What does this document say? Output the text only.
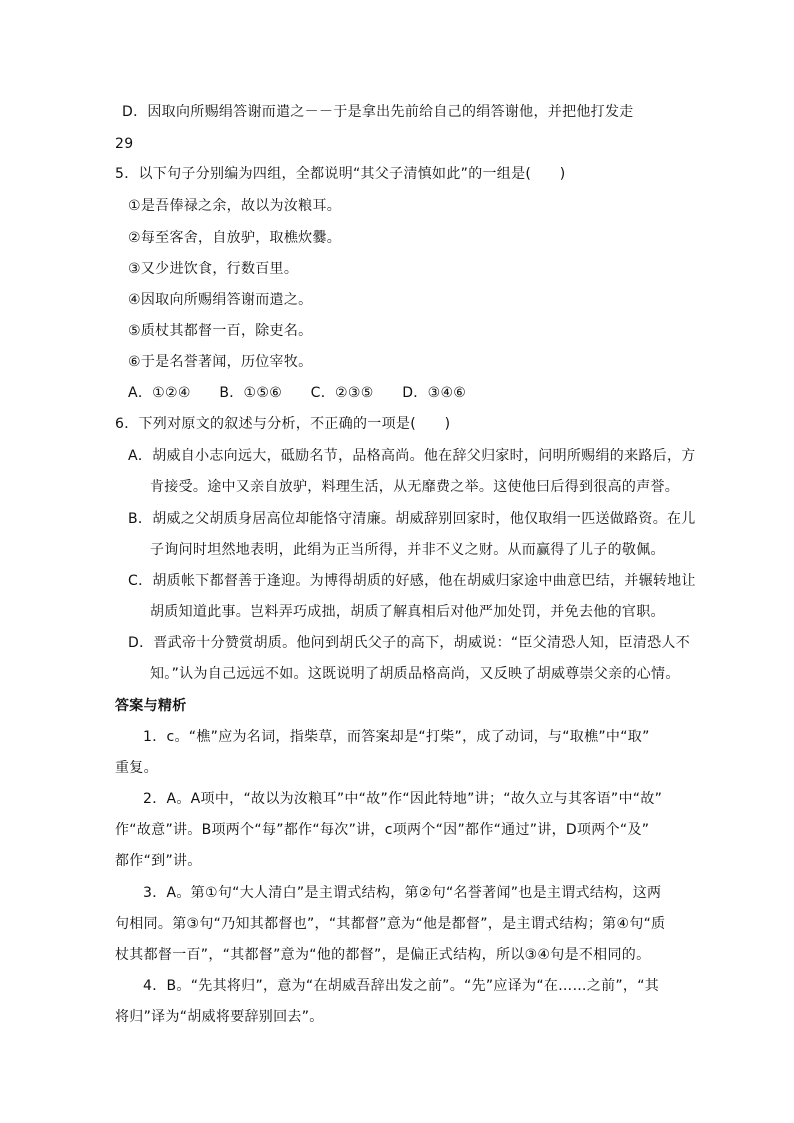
D．因取向所赐绢答谢而遣之－－于是拿出先前给自己的绢答谢他，并把他打发走
29
5．以下句子分别编为四组，全都说明“其父子清慎如此”的一组是(　　)
①是吾俸禄之余，故以为汝粮耳。
②每至客舍，自放驴，取樵炊爨。
③又少进饮食，行数百里。
④因取向所赐绢答谢而遣之。
⑤质杖其都督一百，除吏名。
⑥于是名誉著闻，历位宰牧。
A．①②④　　B．①⑤⑥　　C．②③⑤　　D．③④⑥
6．下列对原文的叙述与分析，不正确的一项是(　　)
A．胡威自小志向远大，砥励名节，品格高尚。他在辞父归家时，问明所赐绢的来路后，方
肯接受。途中又亲自放驴，料理生活，从无靡费之举。这使他曰后得到很高的声誉。
B．胡威之父胡质身居高位却能恪守清廉。胡威辞别回家时，他仅取绢一匹送做路资。在儿
子询问时坦然地表明，此绢为正当所得，并非不义之财。从而赢得了儿子的敬佩。
C．胡质帐下都督善于逢迎。为博得胡质的好感，他在胡威归家途中曲意巴结，并辗转地让
胡质知道此事。岂料弄巧成拙，胡质了解真相后对他严加处罚，并免去他的官职。
D．晋武帝十分赞赏胡质。他问到胡氏父子的高下，胡威说：“臣父清恐人知，臣清恐人不
知。”认为自己远远不如。这既说明了胡质品格高尚，又反映了胡威尊崇父亲的心情。
答案与精析
1．c。“樵”应为名词，指柴草，而答案却是“打柴”，成了动词，与“取樵”中“取”
重复。
2．A。A项中，“故以为汝粮耳”中“故”作“因此特地”讲；“故久立与其客语”中“故”
作“故意”讲。B项两个“每”都作“每次”讲，c项两个“因”都作“通过”讲，D项两个“及”
都作“到”讲。
3．A。第①句“大人清白”是主谓式结构，第②句“名誉著闻”也是主谓式结构，这两
句相同。第③句“乃知其都督也”，“其都督”意为“他是都督”，是主谓式结构；第④句“质
杖其都督一百”，“其都督”意为“他的都督”，是偏正式结构，所以③④句是不相同的。
4．B。“先其将归”，意为“在胡威吾辞出发之前”。“先”应译为“在……之前”，“其
将归”译为“胡威将要辞别回去”。
